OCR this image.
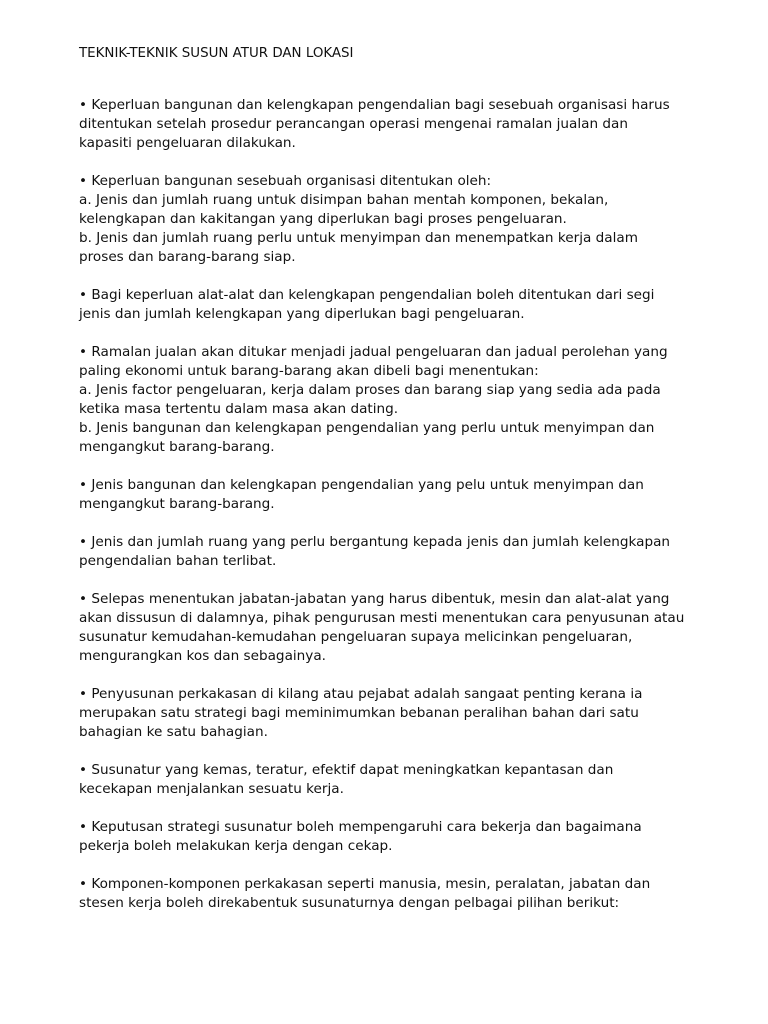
TEKNIK-TEKNIK SUSUN ATUR DAN LOKASI

• Keperluan bangunan dan kelengkapan pengendalian bagi sesebuah organisasi harus

ditentukan setelah prosedur perancangan operasi mengenai ramalan jualan dan

kapasiti pengeluaran dilakukan.

• Keperluan bangunan sesebuah organisasi ditentukan oleh:

a. Jenis dan jumlah ruang untuk disimpan bahan mentah komponen, bekalan,

kelengkapan dan kakitangan yang diperlukan bagi proses pengeluaran.

b. Jenis dan jumlah ruang perlu untuk menyimpan dan menempatkan kerja dalam

proses dan barang-barang siap.

• Bagi keperluan alat-alat dan kelengkapan pengendalian boleh ditentukan dari segi

jenis dan jumlah kelengkapan yang diperlukan bagi pengeluaran.

• Ramalan jualan akan ditukar menjadi jadual pengeluaran dan jadual perolehan yang

paling ekonomi untuk barang-barang akan dibeli bagi menentukan:

a. Jenis factor pengeluaran, kerja dalam proses dan barang siap yang sedia ada pada

ketika masa tertentu dalam masa akan dating.

b. Jenis bangunan dan kelengkapan pengendalian yang perlu untuk menyimpan dan

mengangkut barang-barang.

• Jenis bangunan dan kelengkapan pengendalian yang pelu untuk menyimpan dan

mengangkut barang-barang.

• Jenis dan jumlah ruang yang perlu bergantung kepada jenis dan jumlah kelengkapan

pengendalian bahan terlibat.

• Selepas menentukan jabatan-jabatan yang harus dibentuk, mesin dan alat-alat yang

akan dissusun di dalamnya, pihak pengurusan mesti menentukan cara penyusunan atau

susunatur kemudahan-kemudahan pengeluaran supaya melicinkan pengeluaran,

mengurangkan kos dan sebagainya.

• Penyusunan perkakasan di kilang atau pejabat adalah sangaat penting kerana ia

merupakan satu strategi bagi meminimumkan bebanan peralihan bahan dari satu

bahagian ke satu bahagian.

• Susunatur yang kemas, teratur, efektif dapat meningkatkan kepantasan dan

kecekapan menjalankan sesuatu kerja.

• Keputusan strategi susunatur boleh mempengaruhi cara bekerja dan bagaimana

pekerja boleh melakukan kerja dengan cekap.

• Komponen-komponen perkakasan seperti manusia, mesin, peralatan, jabatan dan

stesen kerja boleh direkabentuk susunaturnya dengan pelbagai pilihan berikut:
